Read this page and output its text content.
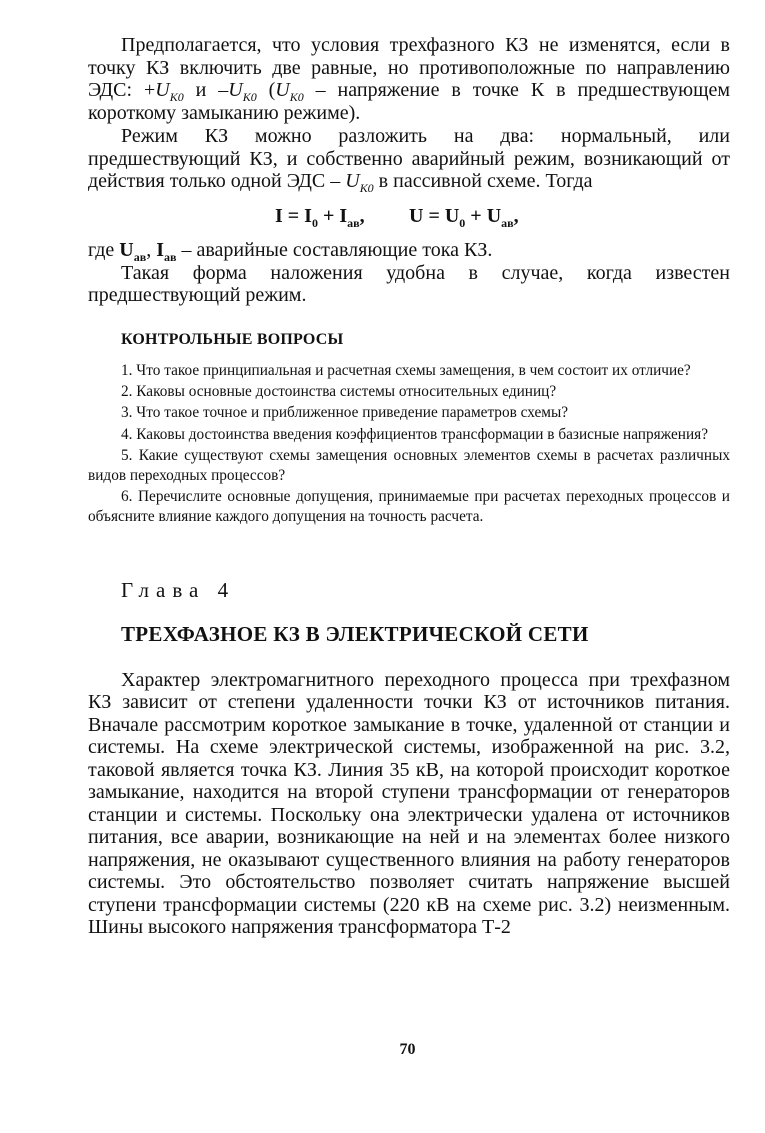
Предполагается, что условия трехфазного КЗ не изменятся, если в точку КЗ включить две равные, но противоположные по направлению ЭДС: $+U_{К0}$ и $-U_{К0}$ ($U_{К0}$ – напряжение в точке К в предшествующем короткому замыканию режиме).

Режим КЗ можно разложить на два: нормальный, или предшествующий КЗ, и собственно аварийный режим, возникающий от действия только одной ЭДС – $U_{К0}$ в пассивной схеме. Тогда

$I = I_0 + I_{ав}$, $U = U_0 + U_{ав}$,

где $U_{ав}$, $I_{ав}$ – аварийные составляющие тока КЗ.

Такая форма наложения удобна в случае, когда известен предшествующий режим.

КОНТРОЛЬНЫЕ ВОПРОСЫ
1. Что такое принципиальная и расчетная схемы замещения, в чем состоит их отличие?
2. Каковы основные достоинства системы относительных единиц?
3. Что такое точное и приближенное приведение параметров схемы?
4. Каковы достоинства введения коэффициентов трансформации в базисные напряжения?
5. Какие существуют схемы замещения основных элементов схемы в расчетах различных видов переходных процессов?
6. Перечислите основные допущения, принимаемые при расчетах переходных процессов и объясните влияние каждого допущения на точность расчета.
Глава 4
ТРЕХФАЗНОЕ КЗ В ЭЛЕКТРИЧЕСКОЙ СЕТИ

Характер электромагнитного переходного процесса при трехфазном КЗ зависит от степени удаленности точки КЗ от источников питания. Вначале рассмотрим короткое замыкание в точке, удаленной от станции и системы. На схеме электрической системы, изображенной на рис. 3.2, таковой является точка КЗ. Линия 35 кВ, на которой происходит короткое замыкание, находится на второй ступени трансформации от генераторов станции и системы. Поскольку она электрически удалена от источников питания, все аварии, возникающие на ней и на элементах более низкого напряжения, не оказывают существенного влияния на работу генераторов системы. Это обстоятельство позволяет считать напряжение высшей ступени трансформации системы (220 кВ на схеме рис. 3.2) неизменным. Шины высокого напряжения трансформатора Т-2

70
